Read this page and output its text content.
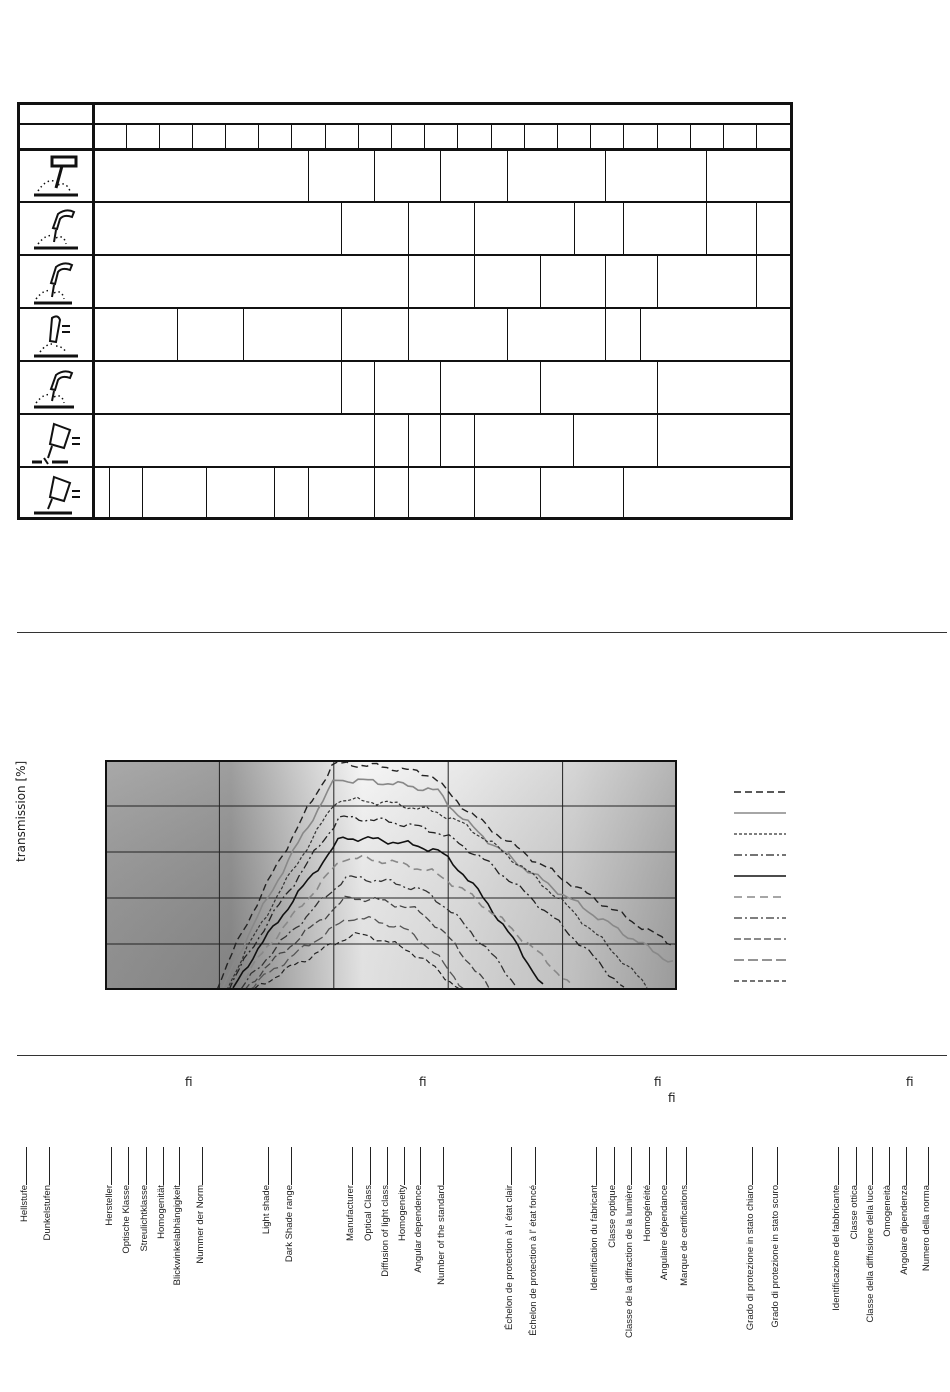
transmission [%]
fi	fi	fi
fi
fi
Hellstufe Dunkelstufen	Hersteller Optische Klasse Streulichtklasse Homogenität Blickwinkelabhängigkeit Nummer der Norm	Light shade Dark Shade range	Manufacturer Optical Class Diffusion of light class Homogeneity Angular dependence Number of the standard	Échelon de protection à l' état clair Échelon de protection à l' état foncé	Identification du fabricant Classe optique Classe de la diffraction de la lumière Homogénéité Angulaire dépendance Marque de certifications	Grado di protezione in stato chiaro Grado di protezione in stato scuro	Identificazione del fabbricante Classe ottica Classe della diffusione della luce Omogeneità Angolare dipendenza Numero della norma
